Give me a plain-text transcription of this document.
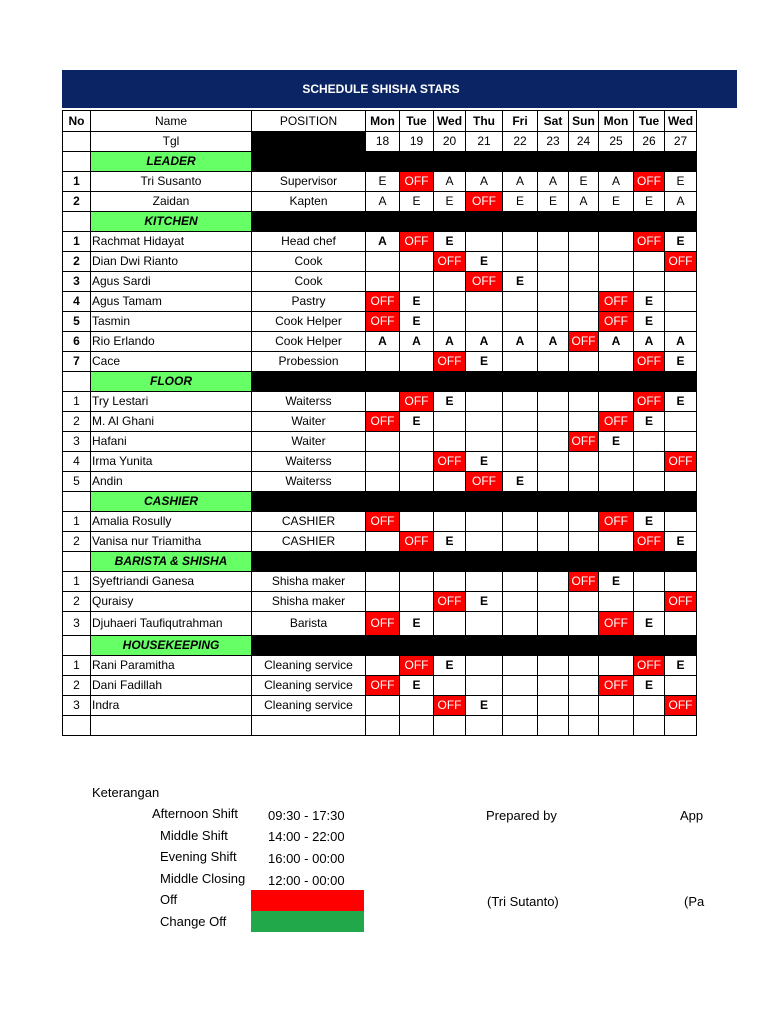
SCHEDULE SHISHA STARS
No	Name	POSITION	Mon	Tue	Wed	Thu	Fri	Sat	Sun	Mon	Tue	Wed
	Tgl		18	19	20	21	22	23	24	25	26	27
	LEADER											
1	Tri Susanto	Supervisor	E	OFF	A	A	A	A	E	A	OFF	E
2	Zaidan	Kapten	A	E	E	OFF	E	E	A	E	E	A
	KITCHEN											
1	Rachmat Hidayat	Head chef	A	OFF	E						OFF	E
2	Dian Dwi Rianto	Cook			OFF	E						OFF
3	Agus Sardi	Cook				OFF	E					
4	Agus Tamam	Pastry	OFF	E						OFF	E	
5	Tasmin	Cook Helper	OFF	E						OFF	E	
6	Rio Erlando	Cook Helper	A	A	A	A	A	A	OFF	A	A	A
7	Cace	Probession			OFF	E					OFF	E
	FLOOR											
1	Try Lestari	Waiterss		OFF	E						OFF	E
2	M. Al Ghani	Waiter	OFF	E						OFF	E	
3	Hafani	Waiter							OFF	E		
4	Irma Yunita	Waiterss			OFF	E						OFF
5	Andin	Waiterss				OFF	E					
	CASHIER											
1	Amalia Rosully	CASHIER	OFF							OFF	E	
2	Vanisa nur Triamitha	CASHIER		OFF	E						OFF	E
	BARISTA & SHISHA											
1	Syeftriandi Ganesa	Shisha maker							OFF	E		
2	Quraisy	Shisha maker			OFF	E						OFF
3	Djuhaeri Taufiqutrahman	Barista	OFF	E						OFF	E	
	HOUSEKEEPING											
1	Rani Paramitha	Cleaning service		OFF	E						OFF	E
2	Dani Fadillah	Cleaning service	OFF	E						OFF	E	
3	Indra	Cleaning service			OFF	E						OFF

Keterangan
Afternoon Shift 09:30 - 17:30
Middle Shift	14:00 - 22:00
Evening Shift 16:00 - 00:00
Middle Closing 12:00 - 00:00
Off
Change Off
Prepared by	App
(Tri Sutanto)	(Pa
